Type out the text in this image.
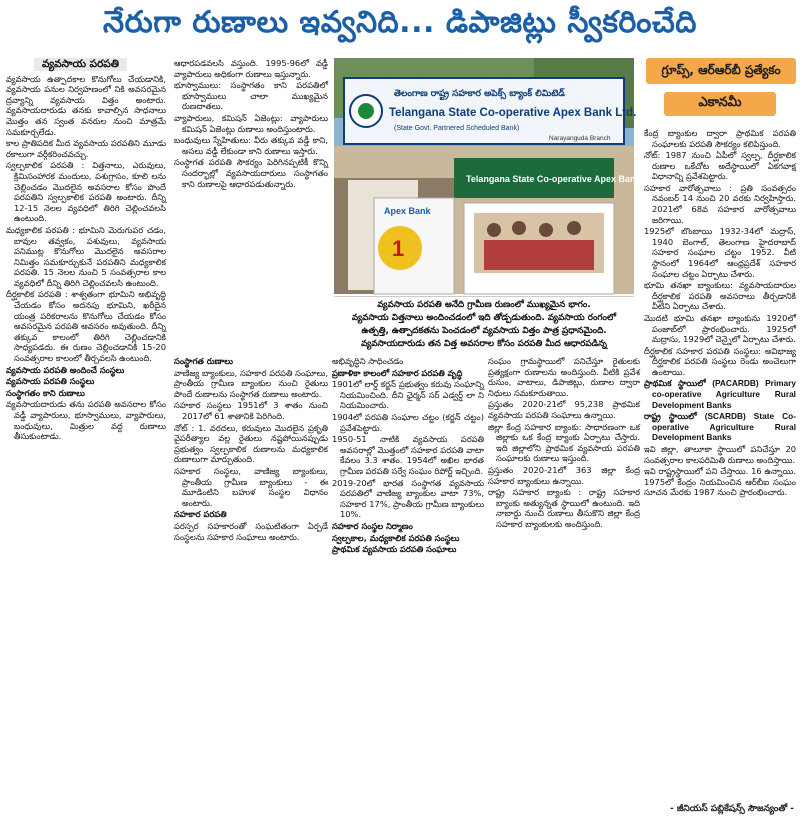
నేరుగా రుణాలు ఇవ్వనిది... డిపాజిట్లు స్వీకరించేది
వ్యవసాయ పరపతి

వ్యవసాయ ఉత్పాదకాల కొనుగోలు చేయడానికి, వ్యవసాయ పనుల నిర్వహణంలో నికి అవసరమైన ద్రవ్యాన్ని వ్యవసాయ విత్తం అంటారు. వ్యవసాయదారుడు తనకు కావాల్సిన సాధనాలు మొత్తం తన స్వంత వనరుల నుంచి మాత్రమే సమకూర్చలేడు.

కాల ప్రాతిపదిక మీద వ్యవసాయ పరపతిని మూడు రకాలుగా వర్గీకరించవచ్చు.

స్వల్పకాలిక పరపతి : విత్తనాలు, ఎరువులు, క్రిమిసంహారక మందులు, పశుగ్రాసం, కూలి లను చెల్లించడం మొదలైన అవసరాల కోసం పొందే పరపతిని స్వల్పకాలిక పరపతి అంటారు. దీన్ని 12-15 నెలల వ్యవధిలో తిరిగి చెల్లించవలసి ఉంటుంది.

మధ్యకాలిక పరపతి : భూమిని మెరుగుపర చడం, బావుల తవ్వకం, పశువులు, వ్యవసాయ పనిముట్ల కొనుగోలు మొదలైన అవసరాల నిమిత్తం సమకూర్చుకునే పరపతిని మధ్యకాలిక పరపతి. 15 నెలల నుంచి 5 సంవత్సరాల కాల వ్యవధిలో దీన్ని తిరిగి చెల్లించవలసి ఉంటుంది.

దీర్ఘకాలిక పరపతి : శాశ్వతంగా భూమిని అభివృద్ధి చేయడం కోసం అదనపు భూమిని, ఖరీదైన యంత్ర పరికరాలను కొనుగోలు చేయడం కోసం అవసరమైన పరపతి అవసరం అవుతుంది. దీన్ని తక్కువ కాలంలో తిరిగి చెల్లించడానికి సాధ్యపడదు. ఈ రుణం చెల్లించడానికి 15-20 సంవత్సరాల కాలంలో తీర్చవలసి ఉంటుంది.

వ్యవసాయ పరపతి అందించే సంస్థలు

వ్యవసాయ పరపతి సంస్థలు

సంస్థాగతం కాని రుణాలు

వ్యవసాయదారుడు తను పరపతి అవసరాల కోసం వడ్డీ వ్యాపారులు, భూస్వాములు, వ్యాపారులు, బంధువులు, మిత్రుల వద్ద రుణాలు తీసుకుంటాడు.

ఆధారపడవలసి వస్తుంది. 1995-96లో వడ్డీ వ్యాపారులు అధికంగా రుణాలు ఇస్తున్నారు.

భూస్వాములు: సంస్థాగతం కాని పరపతిలో భూస్వాములు చాలా ముఖ్యమైన రుణదాతలు.

వ్యాపారులు, కమిషన్ ఏజెంట్లు: వ్యాపారులు కమిషన్ ఏజెంట్లు రుణాలు అందిస్తుంటారు.

బంధువులు స్నేహితులు: వీరు తక్కువ వడ్డీ కాని, అసలు వడ్డీ లేకుండా కాని రుణాలు ఇస్తారు.

సంస్థాగత పరపతి సౌకర్యం పెరిగినప్పటికీ కొన్ని సందర్భాల్లో వ్యవసాయదారులు సంస్థాగతం కాని రుణాలపై ఆధారపడుతున్నారు.

సంస్థాగత రుణాలు

వాణిజ్య బ్యాంకులు, సహకార పరపతి సంఘాలు, ప్రాంతీయ గ్రామీణ బ్యాంకుల నుంచి రైతులు పొందే రుణాలను సంస్థాగత రుణాలు అంటారు.

సహకార సంస్థలు 1951లో 3 శాతం నుంచి 2017లో 61 శాతానికి పెరిగింది.

నోట్ : 1. వరదలు, కరువులు మొదలైన ప్రకృతి వైపరీత్యాల వల్ల రైతులు నష్టపోయినప్పుడు ప్రభుత్వం స్వల్పకాలిక రుణాలను మధ్యకాలిక రుణాలుగా మార్చుతుంది.

సహకార సంస్థలు, వాణిజ్య బ్యాంకులు, ప్రాంతీయ గ్రామీణ బ్యాంకులు - ఈ మూడింటిని బహుళ సంస్థల విధానం అంటారు.

సహకార పరపతి

పరస్పర సహకారంతో సంఘటితంగా ఏర్పడే సంస్థలను సహకార సంఘాలు అంటారు.

తెలంగాణ రాష్ట్ర సహకార అపెక్స్ బ్యాంక్ లిమిటెడ్
Telangana State Co-operative Apex Bank Ltd.
(State Govt. Partnered Scheduled Bank)
Narayanguda Branch
Telangana State Co-operative Apex Bank Ltd
Apex Bank
1
వ్యవసాయ పరపతి అనేది గ్రామీణ రుణంలో ముఖ్యమైన భాగం.
వ్యవసాయ విత్తనాలు అందించడంలో ఇది తోడ్పడుతుంది. వ్యవసాయ రంగంలో
ఉత్పత్తి, ఉత్పాదకతను పెంచడంలో వ్యవసాయ విత్తం పాత్ర ప్రధానమైంది.
వ్యవసాయదారుడు తన విత్త అవసరాల కోసం పరపతి మీద ఆధారపడిన్న

అభివృద్ధిని సాధించడం

ప్రణాళికా కాలంలో సహకార పరపతి వృద్ధి

1901లో లార్డ్ కర్జన్ ప్రభుత్వం కరువు సంఘాన్ని నియమించింది. దీని ఛైర్మన్ సర్ ఎడ్వర్డ్ లా ని నియమించారు.

1904లో పరపతి సంఘాల చట్టం (కర్జన్ చట్టం) ప్రవేశపెట్టారు.

1950-51 నాటికి వ్యవసాయ పరపతి అవసరాల్లో మొత్తంలో సహకార పరపతి వాటా కేవలం 3.3 శాతం. 1954లో అఖిల భారత గ్రామీణ పరపతి సర్వే సంఘం రిపోర్ట్ ఇచ్చింది.

2019-20లో భారత సంస్థాగత వ్యవసాయ పరపతిలో వాణిజ్య బ్యాంకుల వాటా 73%, సహకార 17%, ప్రాంతీయ గ్రామీణ బ్యాంకులు 10%.

సహకార సంస్థల నిర్మాణం

స్వల్పకాల, మధ్యకాలిక పరపతి సంస్థలు

ప్రాథమిక వ్యవసాయ పరపతి సంఘాలు

సంఘం గ్రామస్థాయిలో పనిచేస్తూ రైతులకు ప్రత్యక్షంగా రుణాలను అందిస్తుంది. వీటికి ప్రవేశ రుసుం, వాటాలు, డిపాజిట్లు, రుణాల ద్వారా నిధులు సమకూరుతాయి.

ప్రస్తుతం 2020-21లో 95,238 ప్రాథమిక వ్యవసాయ పరపతి సంఘాలు ఉన్నాయి.

జిల్లా కేంద్ర సహకార బ్యాంకు: సాధారణంగా ఒక జిల్లాకు ఒక కేంద్ర బ్యాంకు ఏర్పాటు చేస్తారు. ఇది జిల్లాలోని ప్రాథమిక వ్యవసాయ పరపతి సంఘాలకు రుణాలు ఇస్తుంది.

ప్రస్తుతం 2020-21లో 363 జిల్లా కేంద్ర సహకార బ్యాంకులు ఉన్నాయి.

రాష్ట్ర సహకార బ్యాంకు : రాష్ట్ర సహకార బ్యాంకు అత్యున్నత స్థాయిలో ఉంటుంది. ఇది నాబార్డు నుంచి రుణాలు తీసుకొని జిల్లా కేంద్ర సహకార బ్యాంకులకు అందిస్తుంది.

గ్రూప్స్, ఆర్‌ఆర్‌బీ ప్రత్యేకం
ఎకానమీ

కేంద్ర బ్యాంకుల ద్వారా ప్రాథమిక పరపతి సంఘాలకు పరపతి సౌకర్యం కలిపిస్తుంది.

నోట్: 1987 నుంచి ఏపీలో స్వల్ప, దీర్ఘకాలిక రుణాల ఒకేచోట అదేస్థాయిలో ఏకగవాక్ష విధానాన్ని ప్రవేశపెట్టారు.

సహకార వారోత్సవాలు : ప్రతి సంవత్సరం నవంబర్ 14 నుంచి 20 వరకు నిర్వహిస్తారు. 2021లో 68వ సహకార వారోత్సవాలు జరిగాయి.

1925లో బొంబాయి 1932-34లో మద్రాస్, 1940 బెంగాల్, తెలంగాణ హైదరాబాద్ సహకార సంఘాల చట్టం 1952. వీటి స్థానంలో 1964లో ఆంధ్రప్రదేశ్ సహకార సంఘాల చట్టం ఏర్పాటు చేశారు.

భూమి తనఖా బ్యాంకులు: వ్యవసాయదారుల దీర్ఘకాలిక పరపతి అవసరాలు తీర్చడానికి వీటిని ఏర్పాటు చేశారు.

మొదటి భూమి తనఖా బ్యాంకును 1920లో పంజాబ్‌లో ప్రారంభించారు. 1925లో మద్రాసు, 1929లో చెన్నైలో ఏర్పాటు చేశారు.

దీర్ఘకాలిక సహకార పరపతి సంస్థలు: అవిభాజ్య దీర్ఘకాలిక పరపతి సంస్థలు రెండు అంచెలుగా ఉంటాయి.

ప్రాథమిక స్థాయిలో (PACARDB) Primary co-operative Agriculture Rural Development Banks

రాష్ట్ర స్థాయిలో (SCARDB) State Co-operative Agriculture Rural Development Banks

ఇవి జిల్లా, తాలూకా స్థాయిలో పనిచేస్తూ 20 సంవత్సరాల కాలపరిమితి రుణాలు అందిస్తాయి.

ఇవి రాష్ట్రస్థాయిలో పని చేస్తాయి. 16 ఉన్నాయి. 1975లో కేంద్రం నియమించిన ఆర్‌బీఐ సంఘం సూచన మేరకు 1987 నుంచి ప్రారంభించారు.

- జీనియస్ పబ్లికేషన్స్ సౌజన్యంతో -
